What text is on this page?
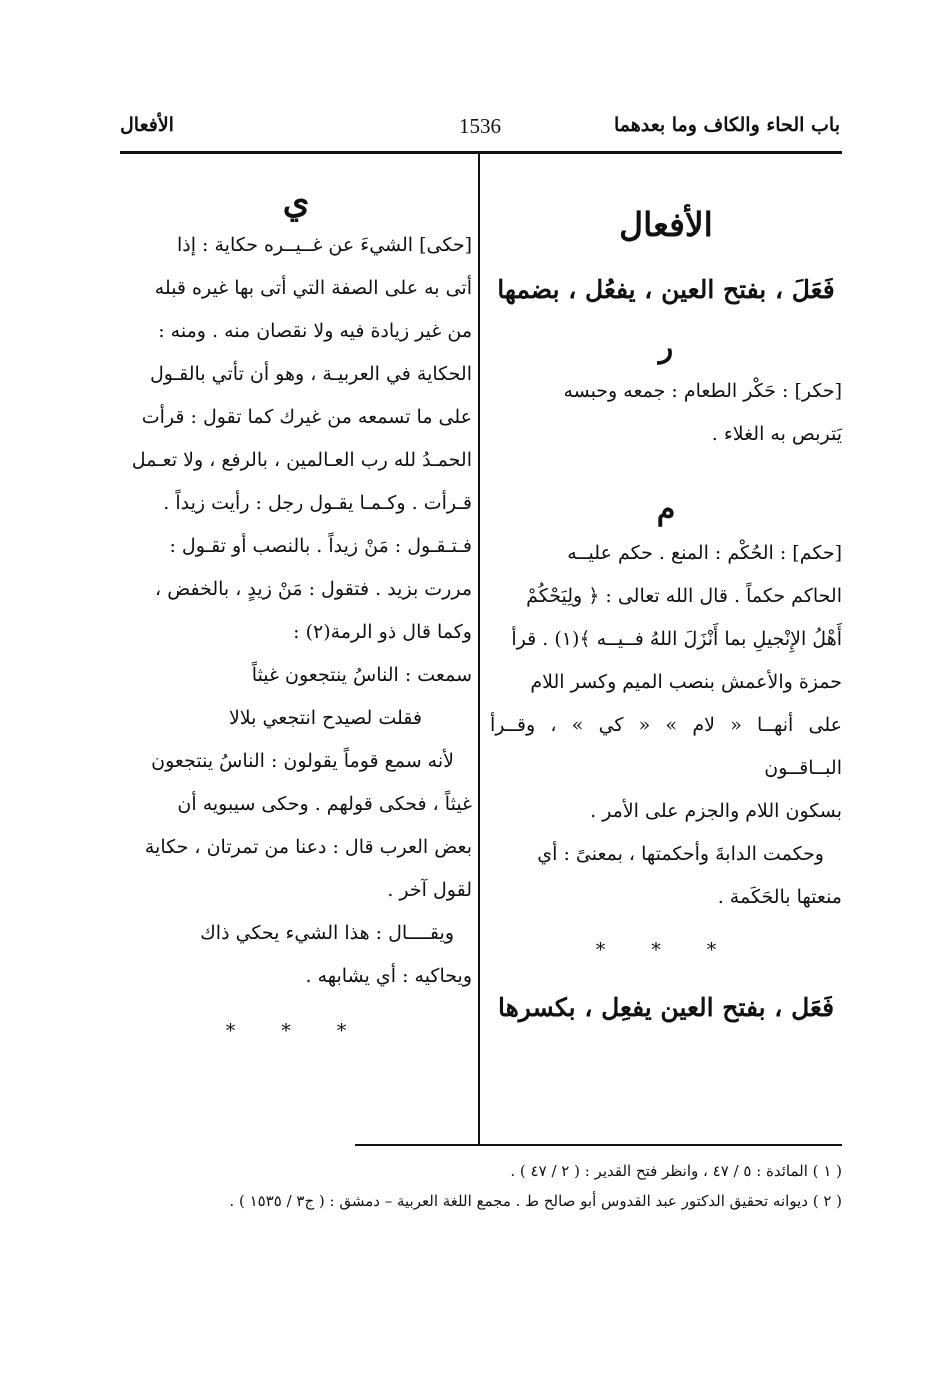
باب الحاء والكاف وما بعدهما
1536
الأفعال
الأفعال
فَعَلَ ، بفتح العين ، يفعُل ، بضمها
ر

[حكر] : حَكْر الطعام : جمعه وحبسه

يَتربص به الغلاء .

م

[حكم] : الحُكْم : المنع . حكم عليــه

الحاكم حكماً . قال الله تعالى : ﴿ ولِيَحْكُمْ

أَهْلُ الإِنْجيلِ بما أَنْزَلَ اللهُ فــيــه ﴾(١) . قرأ

حمزة والأعمش بنصب الميم وكسر اللام

على أنهــا « لام » « كي » ، وقــرأ البــاقــون

بسكون اللام والجزم على الأمر .

وحكمت الدابةَ وأحكمتها ، بمعنىً : أي

منعتها بالحَكَمة .

* * *
فَعَل ، بفتح العين يفعِل ، بكسرها
ي

[حكى] الشيءَ عن غــيــره حكاية : إذا

أتى به على الصفة التي أتى بها غيره قبله

من غير زيادة فيه ولا نقصان منه . ومنه :

الحكاية في العربيـة ، وهو أن تأتي بالقـول

على ما تسمعه من غيرك كما تقول : قرأت

الحمـدُ لله رب العـالمين ، بالرفع ، ولا تعـمل

قـرأت . وكـمـا يقـول رجل : رأيت زيداً .

فـتـقـول : مَنْ زيداً . بالنصب أو تقـول :

مررت بزيد . فتقول : مَنْ زيدٍ ، بالخفض ،

وكما قال ذو الرمة(٢) :

سمعت : الناسُ ينتجعون غيثاً

فقلت لصيدح انتجعي بلالا

لأنه سمع قوماً يقولون : الناسُ ينتجعون

غيثاً ، فحكى قولهم . وحكى سيبويه أن

بعض العرب قال : دعنا من تمرتان ، حكاية

لقول آخر .

ويقــــال : هذا الشيء يحكي ذاك

ويحاكيه : أي يشابهه .

* * *

( ١ ) المائدة : ٥ / ٤٧ ، وانظر فتح القدير : ( ٢ / ٤٧ ) .

( ٢ ) ديوانه تحقيق الدكتور عبد القدوس أبو صالح ط . مجمع اللغة العربية – دمشق : ( ج٣ / ١٥٣٥ ) .
